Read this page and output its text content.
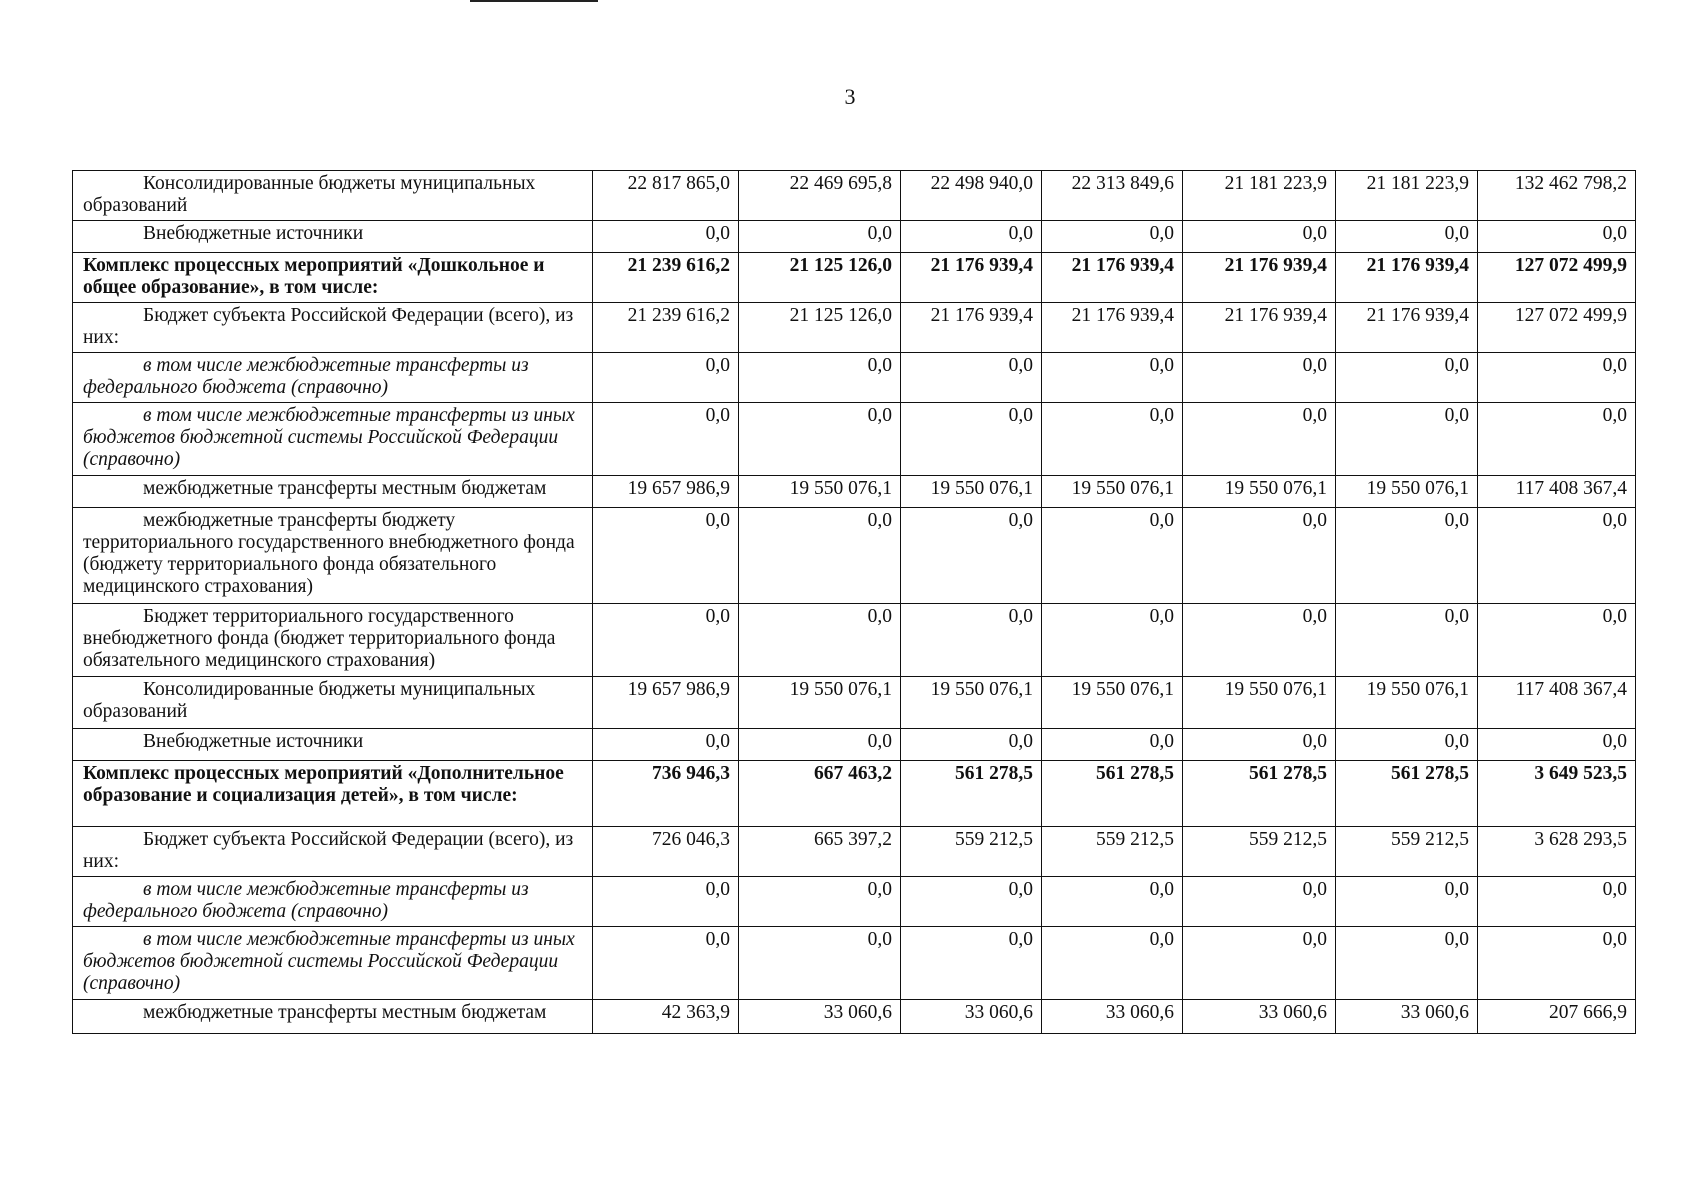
3
Консолидированные бюджеты муниципальных образований	22 817 865,0	22 469 695,8	22 498 940,0	22 313 849,6	21 181 223,9	21 181 223,9	132 462 798,2
Внебюджетные источники	0,0	0,0	0,0	0,0	0,0	0,0	0,0
Комплекс процессных мероприятий «Дошкольное и общее образование», в том числе:	21 239 616,2	21 125 126,0	21 176 939,4	21 176 939,4	21 176 939,4	21 176 939,4	127 072 499,9
Бюджет субъекта Российской Федерации (всего), из них:	21 239 616,2	21 125 126,0	21 176 939,4	21 176 939,4	21 176 939,4	21 176 939,4	127 072 499,9
в том числе межбюджетные трансферты из федерального бюджета (справочно)	0,0	0,0	0,0	0,0	0,0	0,0	0,0
в том числе межбюджетные трансферты из иных бюджетов бюджетной системы Российской Федерации (справочно)	0,0	0,0	0,0	0,0	0,0	0,0	0,0
межбюджетные трансферты местным бюджетам	19 657 986,9	19 550 076,1	19 550 076,1	19 550 076,1	19 550 076,1	19 550 076,1	117 408 367,4
межбюджетные трансферты бюджету территориального государственного внебюджетного фонда (бюджету территориального фонда обязательного медицинского страхования)	0,0	0,0	0,0	0,0	0,0	0,0	0,0
Бюджет территориального государственного внебюджетного фонда (бюджет территориального фонда обязательного медицинского страхования)	0,0	0,0	0,0	0,0	0,0	0,0	0,0
Консолидированные бюджеты муниципальных образований	19 657 986,9	19 550 076,1	19 550 076,1	19 550 076,1	19 550 076,1	19 550 076,1	117 408 367,4
Внебюджетные источники	0,0	0,0	0,0	0,0	0,0	0,0	0,0
Комплекс процессных мероприятий «Дополнительное образование и социализация детей», в том числе:	736 946,3	667 463,2	561 278,5	561 278,5	561 278,5	561 278,5	3 649 523,5
Бюджет субъекта Российской Федерации (всего), из них:	726 046,3	665 397,2	559 212,5	559 212,5	559 212,5	559 212,5	3 628 293,5
в том числе межбюджетные трансферты из федерального бюджета (справочно)	0,0	0,0	0,0	0,0	0,0	0,0	0,0
в том числе межбюджетные трансферты из иных бюджетов бюджетной системы Российской Федерации (справочно)	0,0	0,0	0,0	0,0	0,0	0,0	0,0
межбюджетные трансферты местным бюджетам	42 363,9	33 060,6	33 060,6	33 060,6	33 060,6	33 060,6	207 666,9
